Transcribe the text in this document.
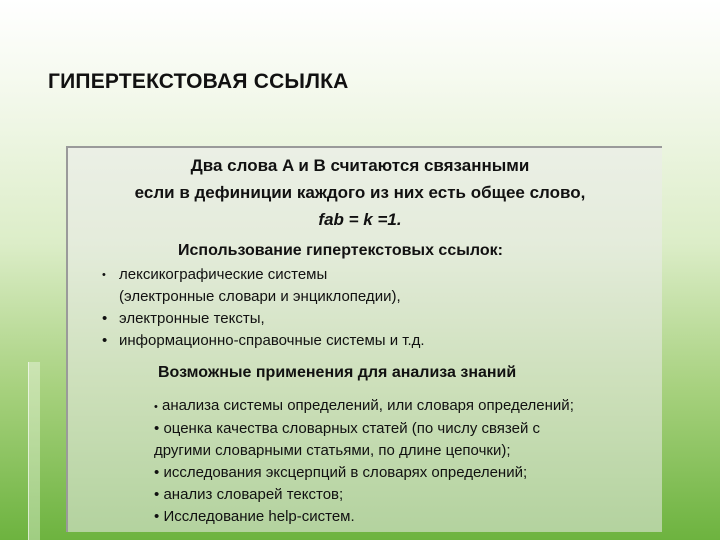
ГИПЕРТЕКСТОВАЯ ССЫЛКА
Два слова A и B считаются связанными
если в дефиниции каждого из них есть общее слово,
fab = k =1.
Использование гипертекстовых ссылок:
• лексикографические системы
(электронные словари и энциклопедии),
• электронные тексты,
• информационно-справочные системы и т.д.
Возможные применения для анализа знаний
• анализа системы определений, или словаря определений;
• оценка качества словарных статей (по числу связей с
другими словарными статьями, по длине цепочки);
• исследования эксцерпций в словарях определений;
• анализ словарей текстов;
• Исследование help-систем.
